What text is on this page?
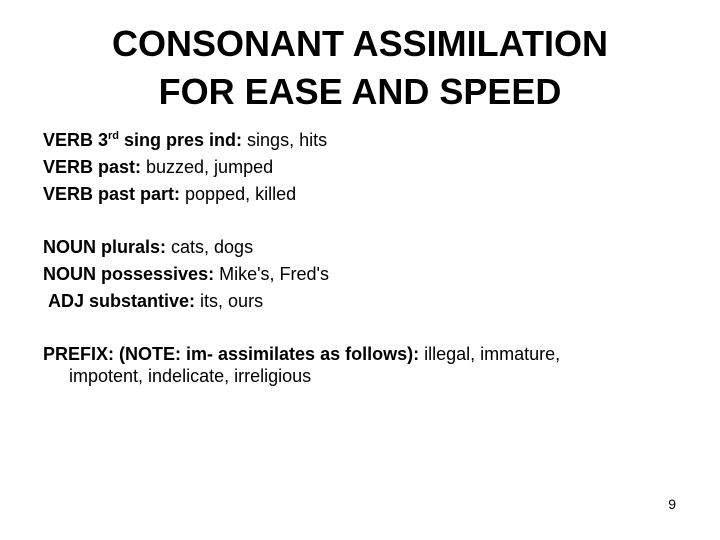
CONSONANT ASSIMILATION
FOR EASE AND SPEED
VERB 3rd sing pres ind: sings, hits
VERB past: buzzed, jumped
VERB past part: popped, killed
NOUN plurals: cats, dogs
NOUN possessives: Mike's, Fred's
ADJ substantive: its, ours
PREFIX: (NOTE: im- assimilates as follows): illegal, immature,
impotent, indelicate, irreligious
9
